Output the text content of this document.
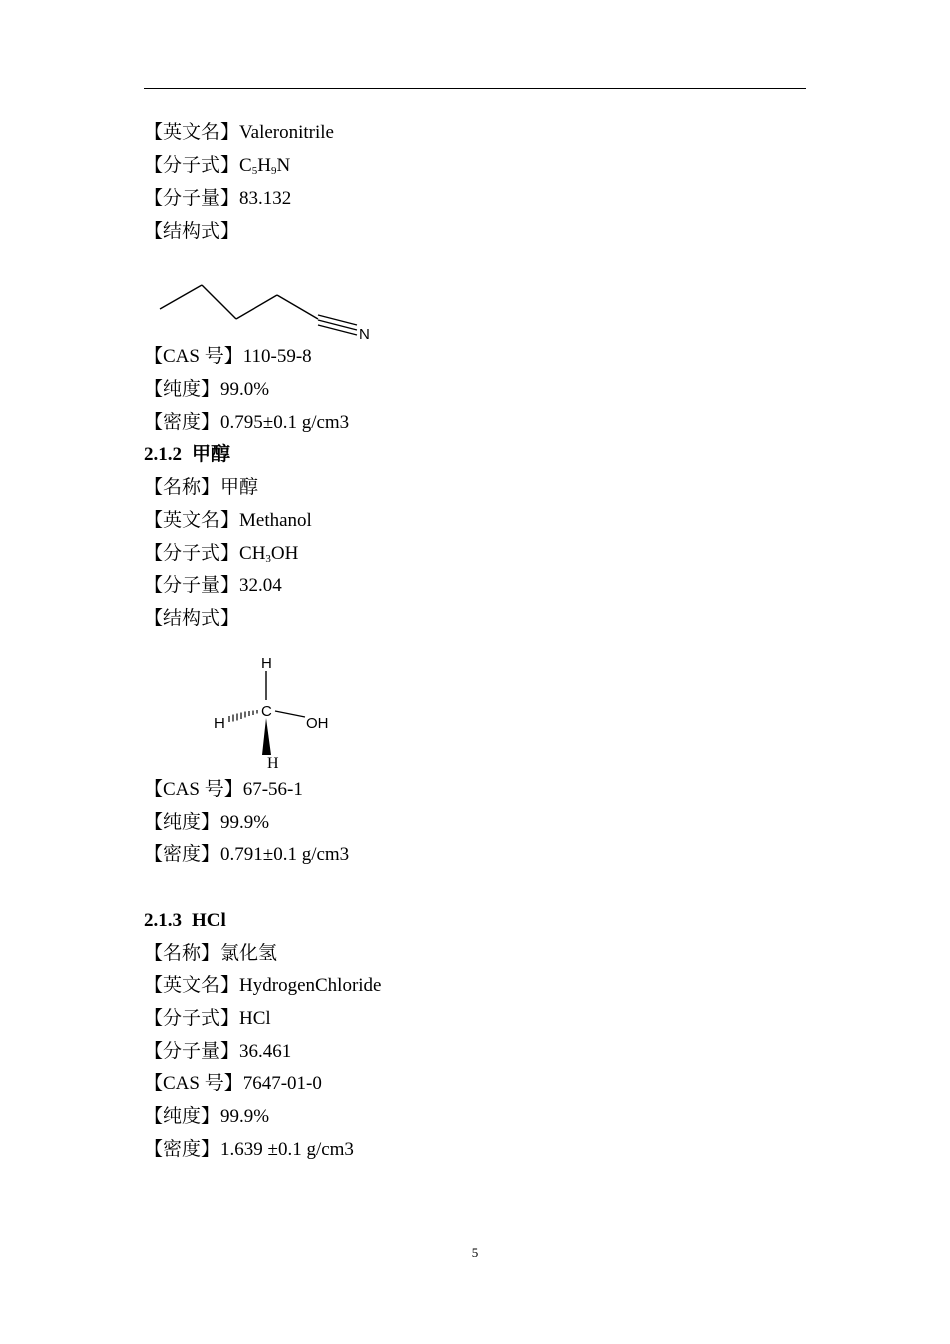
【英文名】Valeronitrile
【分子式】$C_5H_9N$
【分子量】83.132
【结构式】
N
【CAS 号】110-59-8
【纯度】99.0%
【密度】0.795±0.1 g/cm3
2.1.2 甲醇
【名称】甲醇
【英文名】Methanol
【分子式】$CH_3OH$
【分子量】32.04
【结构式】
H
C
H	OH
H
【CAS 号】67-56-1
【纯度】99.9%
【密度】0.791±0.1 g/cm3
2.1.3 HCl
【名称】氯化氢
【英文名】HydrogenChloride
【分子式】HCl
【分子量】36.461
【CAS 号】7647-01-0
【纯度】99.9%
【密度】1.639 ±0.1 g/cm3
5
